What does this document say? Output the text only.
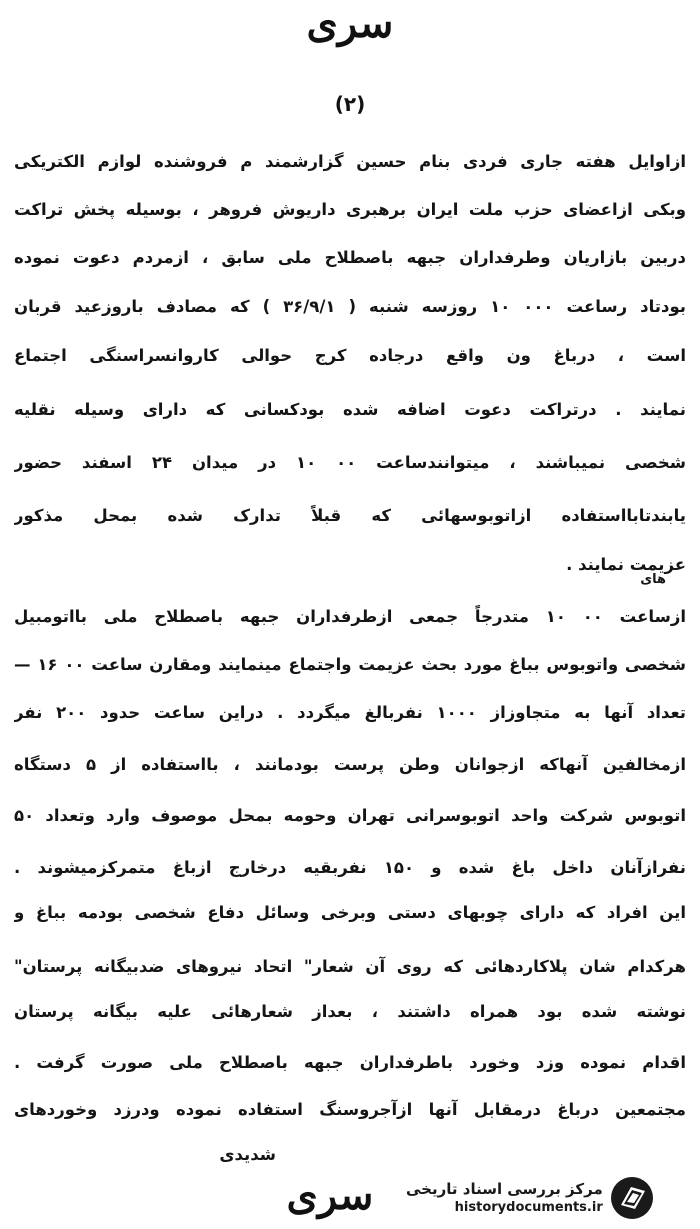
سری
(۲)
ازاوایل هفته جاری فردی بنام حسین گزارشمند م فروشنده لوازم الکتریکی
وبکی ازاعضای حزب ملت ایران برهبری داریوش فروهر ، بوسیله پخش تراکت
دربین بازاریان وطرفداران جبهه باصطلاح ملی سابق ، ازمردم دعوت نموده
بودتاد رساعت ۰۰۰ ۱۰ روزسه شنبه ( ۳۶/۹/۱ ) که مصادف باروزعید قربان
است ، درباغ ون واقع درجاده کرج حوالی کاروانسراسنگی اجتماع
نمایند . درتراکت دعوت اضافه شده بودکسانی که دارای وسیله نقلیه
شخصی نمیباشند ، میتوانندساعت ۰۰ ۱۰ در میدان ۲۴ اسفند حضور
یابندتابااستفاده ازاتوبوسهائی که قبلاً تدارک شده بمحل مذکور
عزیمت نمایند .
های
ازساعت ۰۰ ۱۰ متدرجاً جمعی ازطرفداران جبهه باصطلاح ملی بااتومبیل
شخصی واتوبوس بباغ مورد بحث عزیمت واجتماع مینمایند ومقارن ساعت ۰۰ ۱۶ —
تعداد آنها به متجاوزاز ۱۰۰۰ نفربالغ میگردد . دراین ساعت حدود ۲۰۰ نفر
ازمخالفین آنهاکه ازجوانان وطن پرست بودمانند ، بااستفاده از ۵ دستگاه
اتوبوس شرکت واحد اتوبوسرانی تهران وحومه بمحل موصوف وارد وتعداد ۵۰
نفرازآنان داخل باغ شده و ۱۵۰ نفربقیه درخارج ازباغ متمرکزمیشوند .
این افراد که دارای چوبهای دستی وبرخی وسائل دفاع شخصی بودمه بباغ و
هرکدام شان پلاکاردهائی که روی آن شعار" اتحاد نیروهای ضدبیگانه پرستان"
نوشته شده بود همراه داشتند ، بعداز شعارهائی علیه بیگانه پرستان
اقدام نموده وزد وخورد باطرفداران جبهه باصطلاح ملی صورت گرفت .
مجتمعین درباغ درمقابل آنها ازآجروسنگ استفاده نموده ودرزد وخوردهای
شدیدی
سری	مرکز بررسی اسناد تاریخی
historydocuments.ir
